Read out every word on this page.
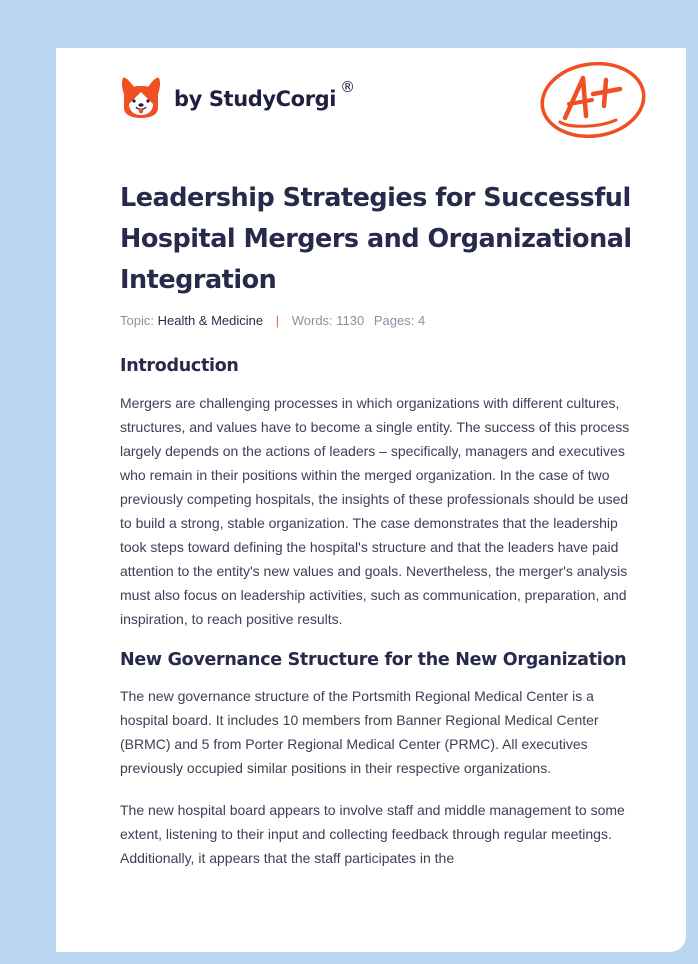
by StudyCorgi ®
Leadership Strategies for Successful Hospital Mergers and Organizational Integration
Topic: Health & Medicine | Words: 1130 Pages: 4
Introduction

Mergers are challenging processes in which organizations with different cultures, structures, and values have to become a single entity. The success of this process largely depends on the actions of leaders – specifically, managers and executives who remain in their positions within the merged organization. In the case of two previously competing hospitals, the insights of these professionals should be used to build a strong, stable organization. The case demonstrates that the leadership took steps toward defining the hospital's structure and that the leaders have paid attention to the entity's new values and goals. Nevertheless, the merger's analysis must also focus on leadership activities, such as communication, preparation, and inspiration, to reach positive results.

New Governance Structure for the New Organization

The new governance structure of the Portsmith Regional Medical Center is a hospital board. It includes 10 members from Banner Regional Medical Center (BRMC) and 5 from Porter Regional Medical Center (PRMC). All executives previously occupied similar positions in their respective organizations.

The new hospital board appears to involve staff and middle management to some extent, listening to their input and collecting feedback through regular meetings. Additionally, it appears that the staff participates in the
